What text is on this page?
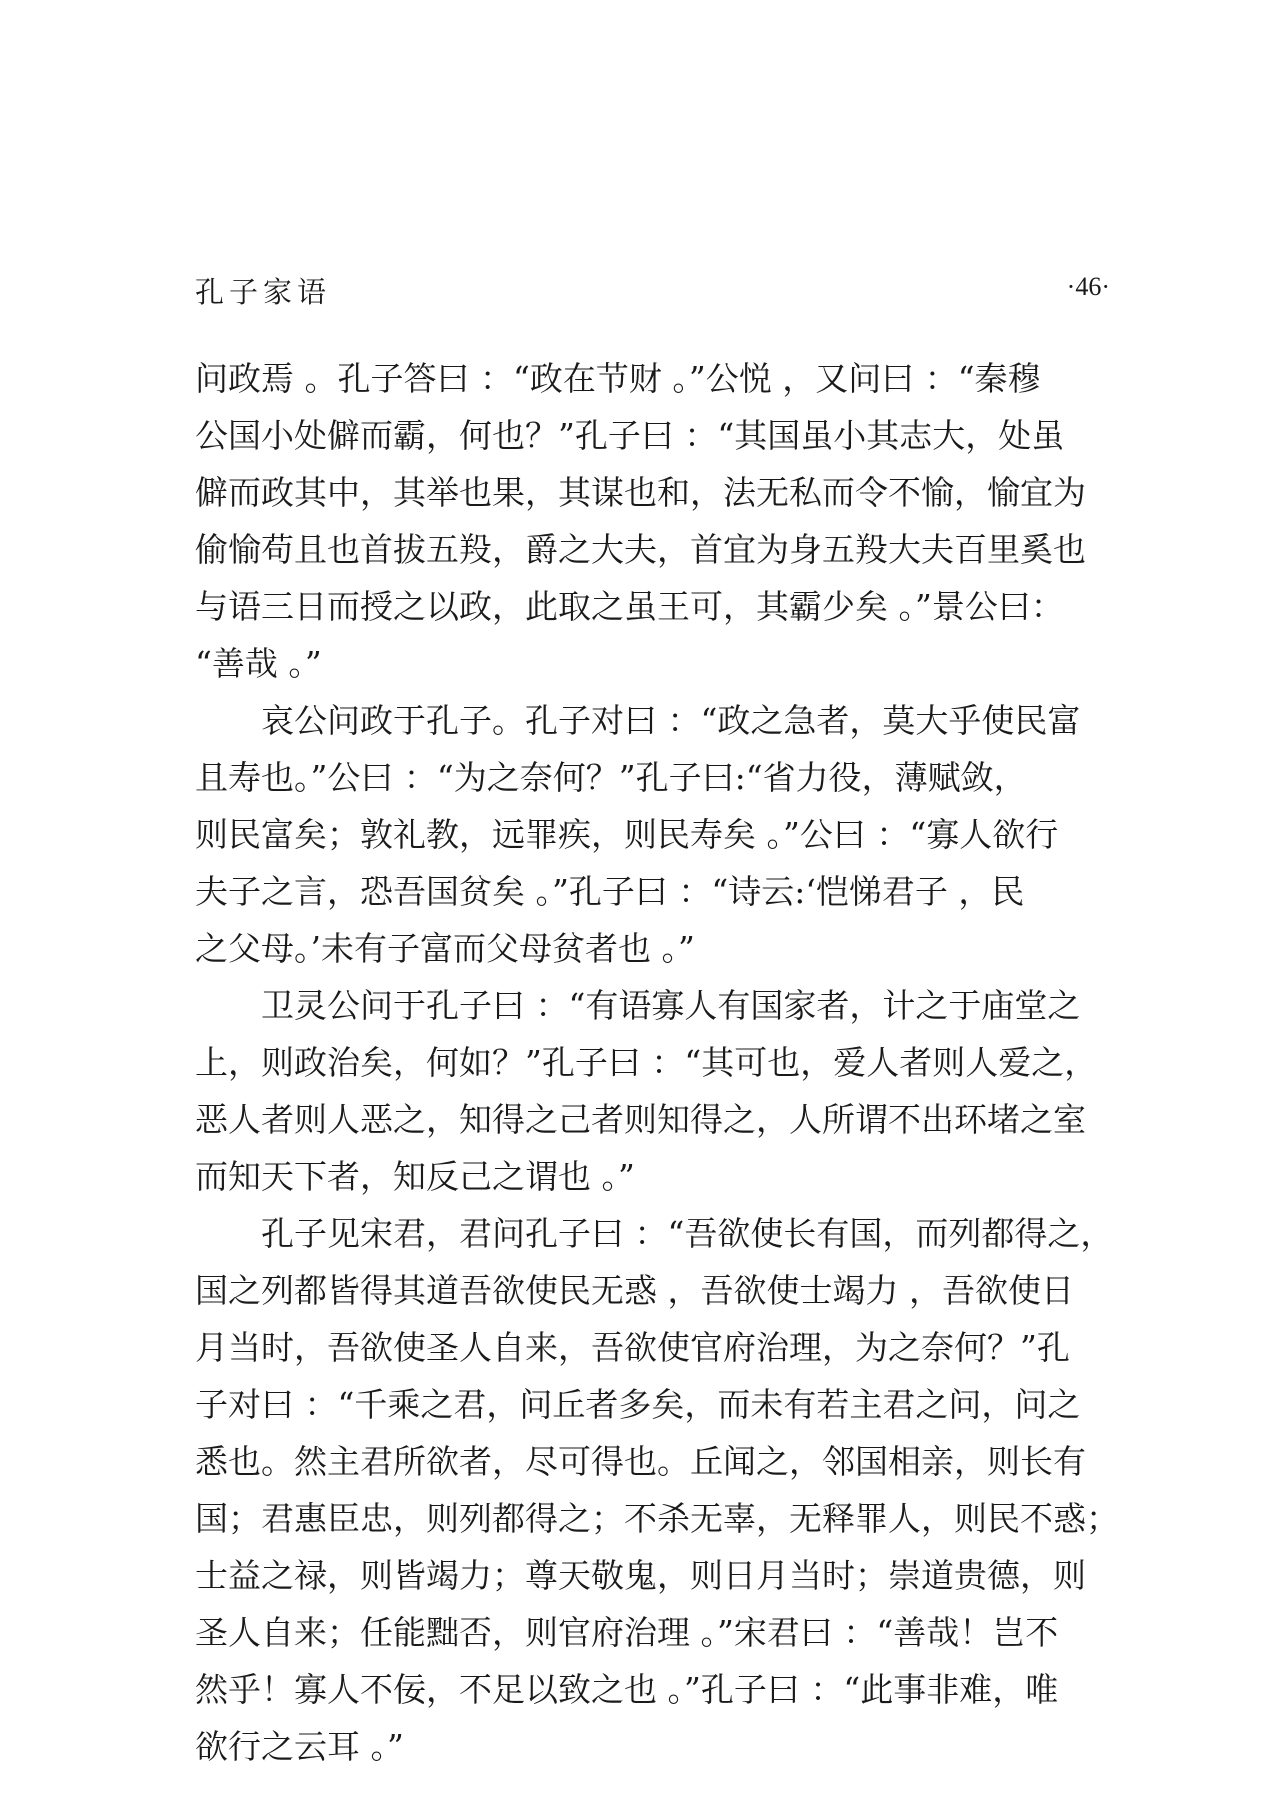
孔子家语	·46·
问政焉 。孔子答曰 ：“政在节财 。”公悦 ，又问曰 ：“秦穆
公国小处僻而霸，何也？”孔子曰 ：“其国虽小其志大，处虽
僻而政其中，其举也果，其谋也和，法无私而令不愉，愉宜为
偷愉苟且也首拔五羖，爵之大夫，首宜为身五羖大夫百里奚也
与语三日而授之以政，此取之虽王可，其霸少矣 。”景公曰：
“善哉 。”
哀公问政于孔子。孔子对曰 ：“政之急者，莫大乎使民富
且寿也。”公曰 ：“为之奈何？”孔子曰:“省力役，薄赋敛，
则民富矣；敦礼教，远罪疾，则民寿矣 。”公曰 ：“寡人欲行
夫子之言，恐吾国贫矣 。”孔子曰 ：“诗云:‘恺悌君子 ，民
之父母。’未有子富而父母贫者也 。”
卫灵公问于孔子曰 ：“有语寡人有国家者，计之于庙堂之
上，则政治矣，何如？”孔子曰 ：“其可也，爱人者则人爱之，
恶人者则人恶之，知得之己者则知得之，人所谓不出环堵之室
而知天下者，知反己之谓也 。”
孔子见宋君，君问孔子曰 ：“吾欲使长有国，而列都得之，
国之列都皆得其道吾欲使民无惑 ，吾欲使士竭力 ，吾欲使日
月当时，吾欲使圣人自来，吾欲使官府治理，为之奈何？”孔
子对曰 ：“千乘之君，问丘者多矣，而未有若主君之问，问之
悉也。然主君所欲者，尽可得也。丘闻之，邻国相亲，则长有
国；君惠臣忠，则列都得之；不杀无辜，无释罪人，则民不惑；
士益之禄，则皆竭力；尊天敬鬼，则日月当时；崇道贵德，则
圣人自来；任能黜否，则官府治理 。”宋君曰 ：“善哉！岂不
然乎！寡人不佞，不足以致之也 。”孔子曰 ：“此事非难，唯
欲行之云耳 。”
